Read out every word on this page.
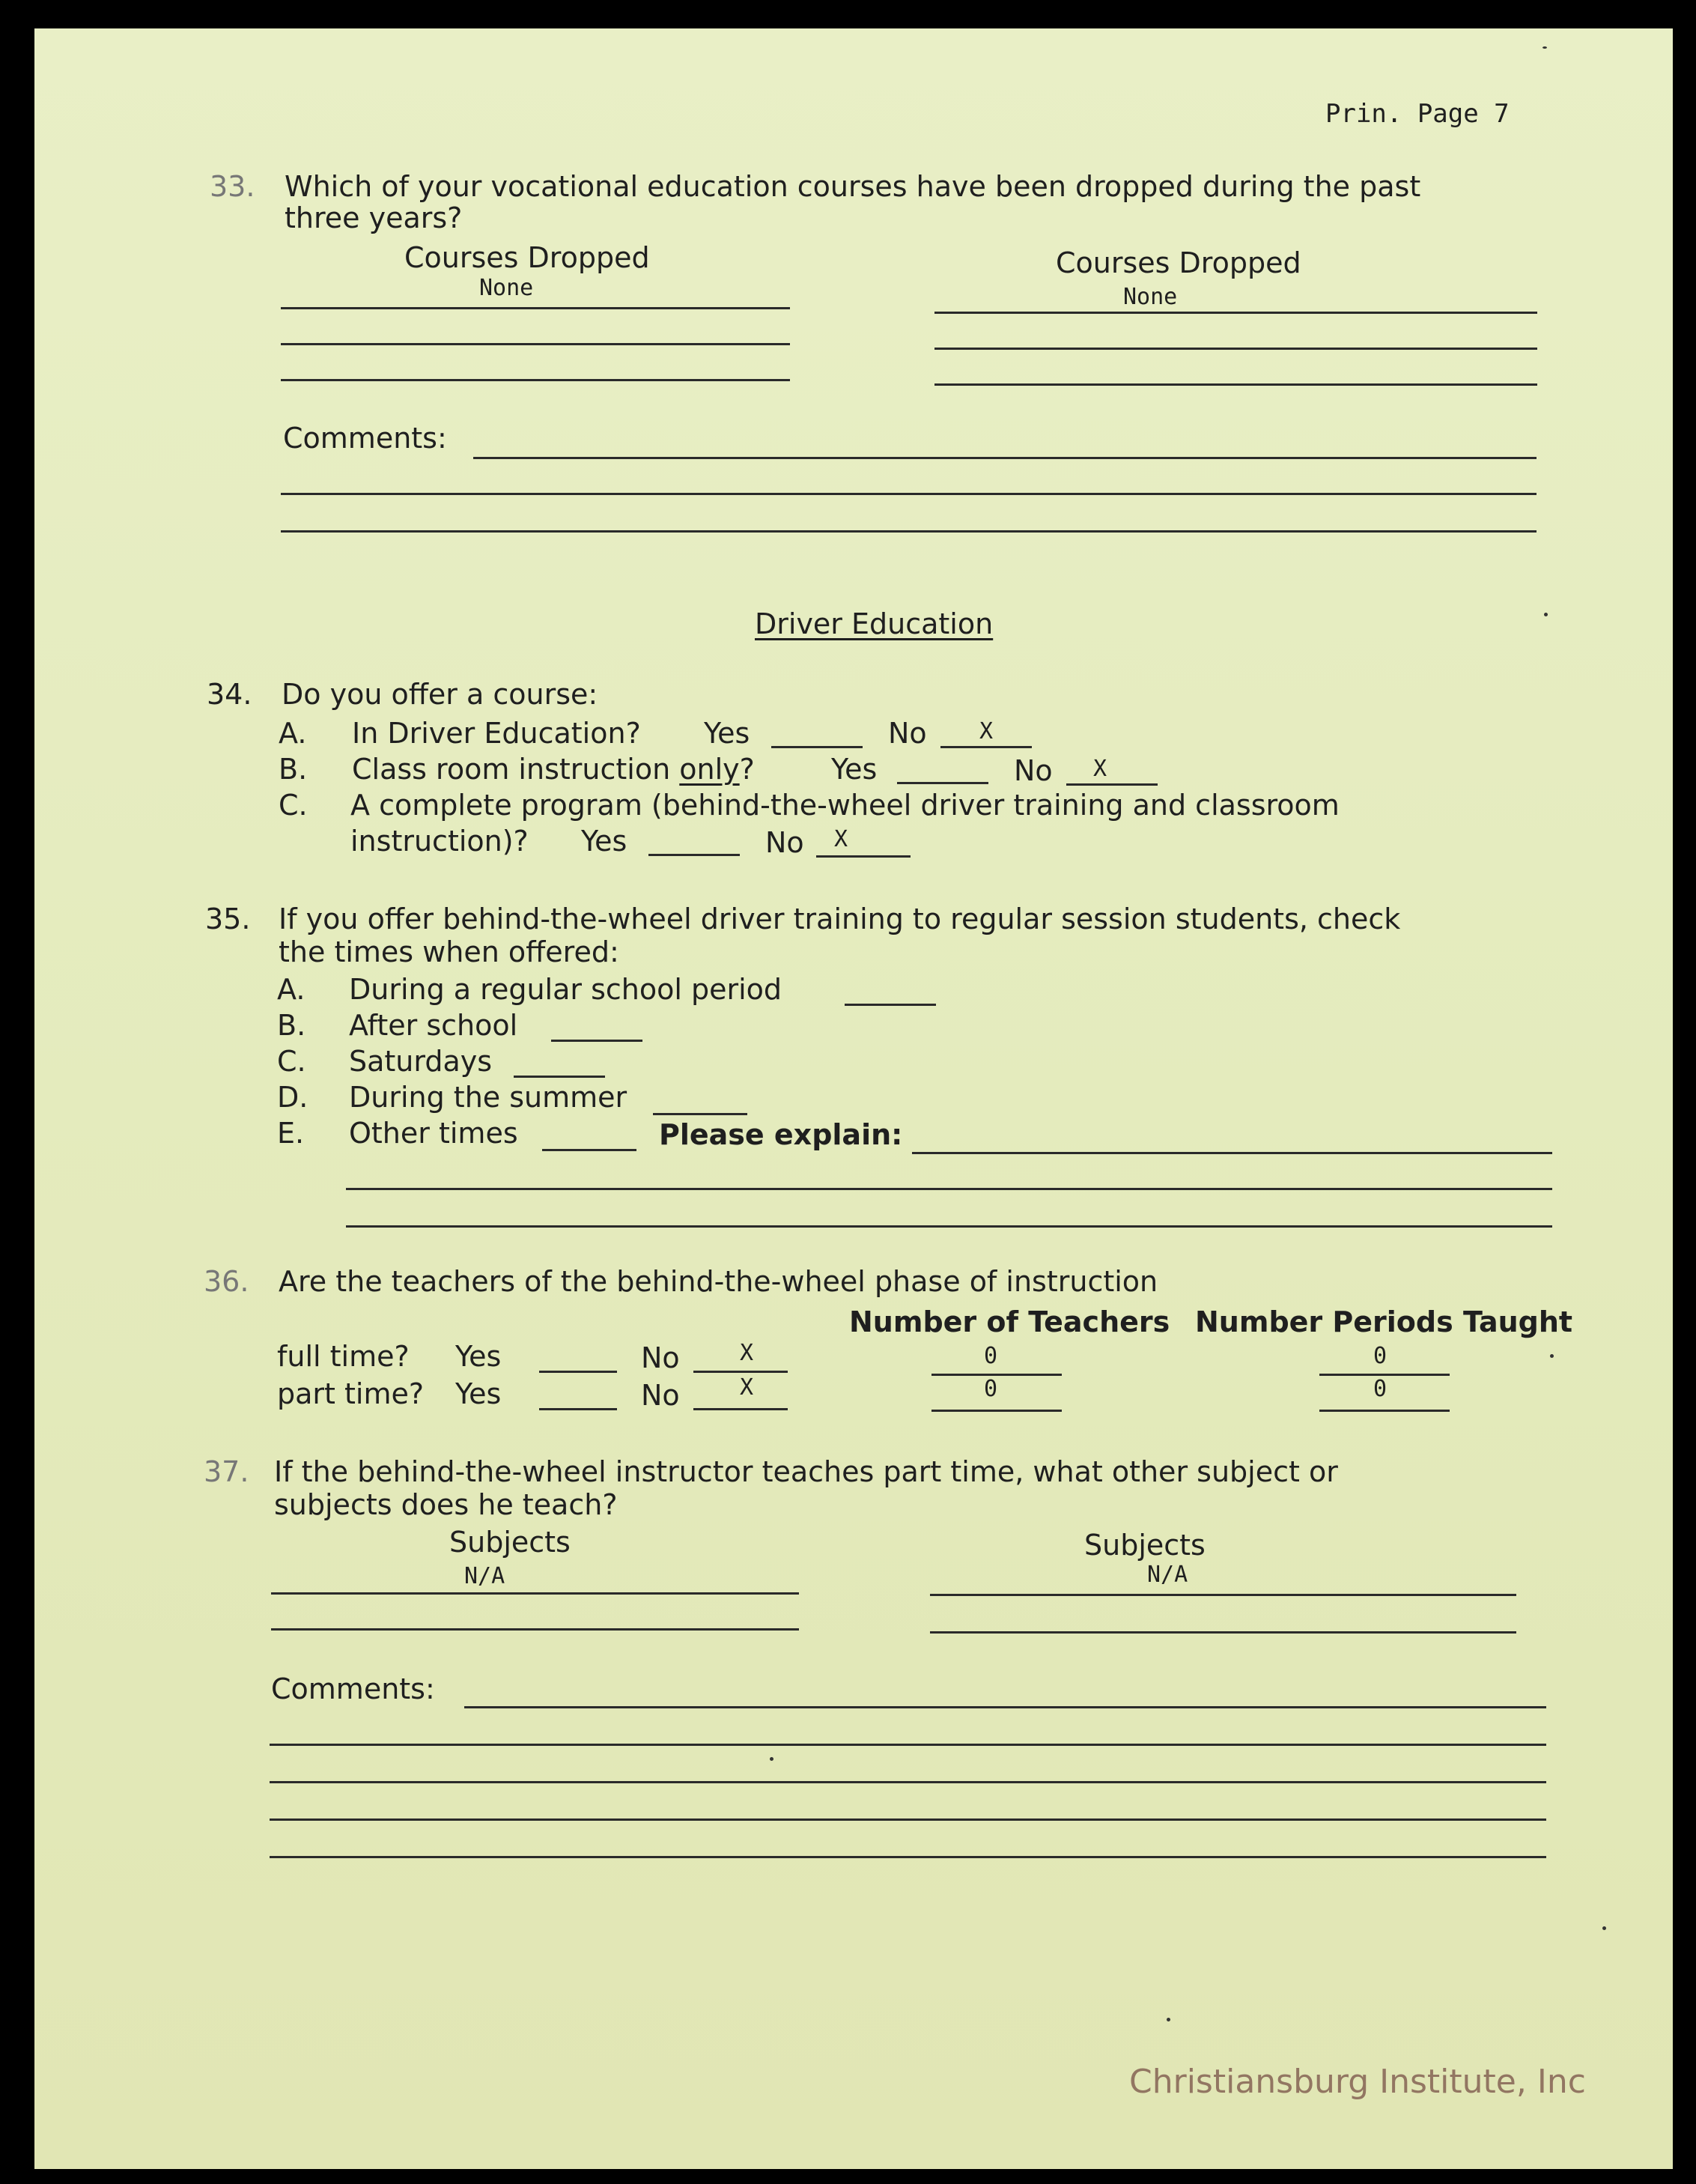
Prin. Page 7
33. Which of your vocational education courses have been dropped during the past
three years?
Courses Dropped
None
Courses Dropped
None
Comments:
Driver Education
34. Do you offer a course:
A. In Driver Education? Yes	No X
B. Class room instruction only?	Yes	No X
C. A complete program (behind-the-wheel driver training and classroom
instruction)? Yes	No X
35. If you offer behind-the-wheel driver training to regular session students, check
the times when offered:
A. During a regular school period
B. After school
C. Saturdays
D. During the summer
E. Other times	Please explain:
36. Are the teachers of the behind-the-wheel phase of instruction
Number of Teachers Number Periods Taught
full time? Yes	No	X	0	0
part time? Yes	No	X	0	0
37. If the behind-the-wheel instructor teaches part time, what other subject or
subjects does he teach?
Subjects
N/A
Subjects
N/A
Comments:
Christiansburg Institute, Inc
